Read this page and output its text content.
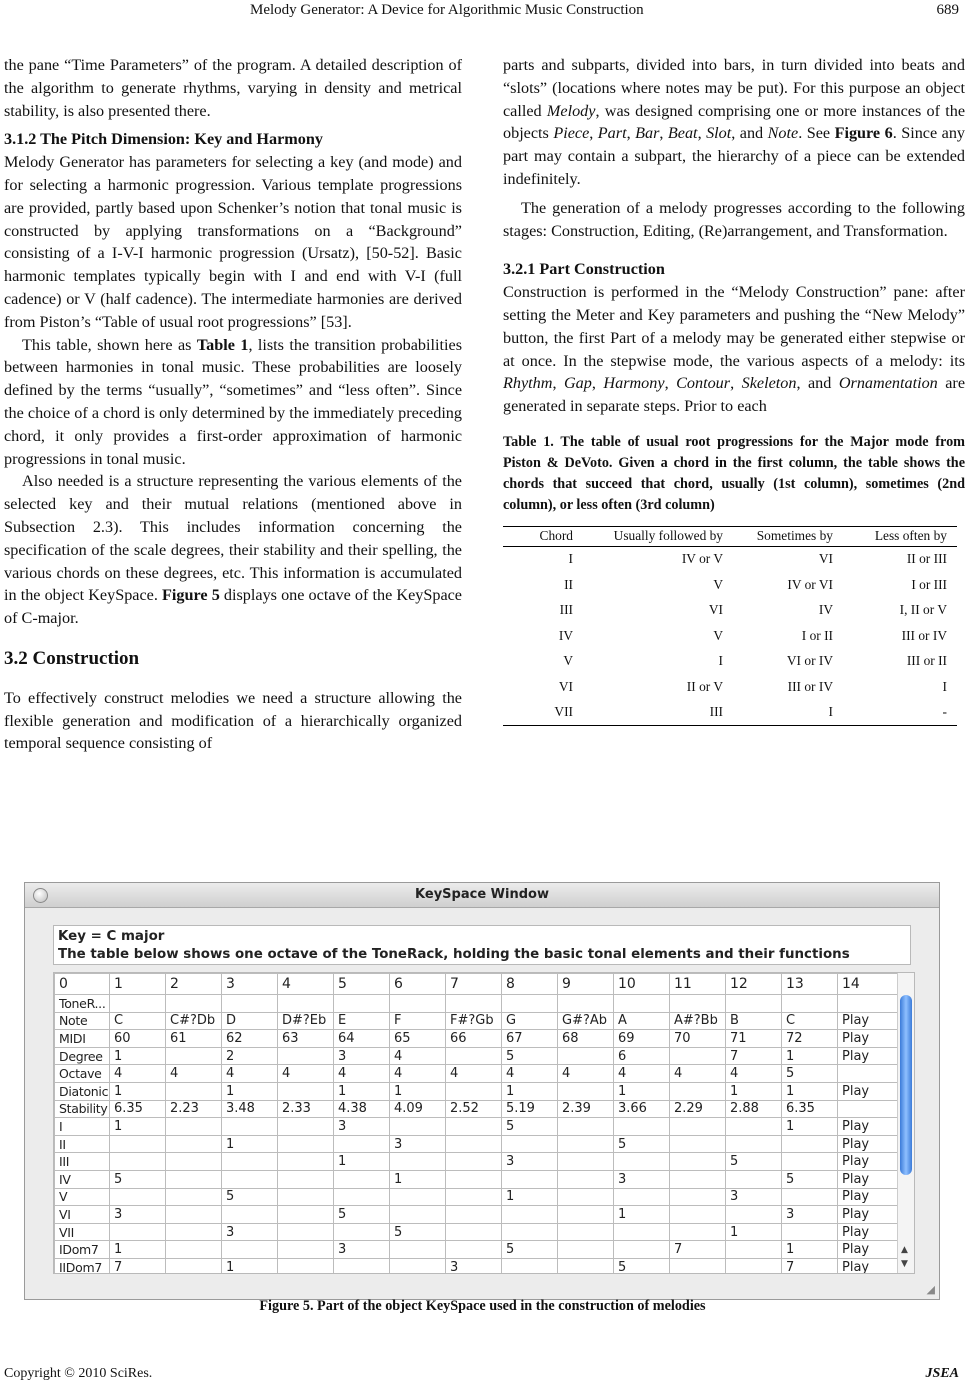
Melody Generator: A Device for Algorithmic Music Construction	689

the pane “Time Parameters” of the program. A detailed description of the algorithm to generate rhythms, varying in density and metrical stability, is also presented there.

3.1.2 The Pitch Dimension: Key and Harmony

Melody Generator has parameters for selecting a key (and mode) and for selecting a harmonic progression. Various template progressions are provided, partly based upon Schenker’s notion that tonal music is constructed by applying transformations on a “Background” consisting of a I-V-I harmonic progression (Ursatz), [50-52]. Basic harmonic templates typically begin with I and end with V-I (full cadence) or V (half cadence). The intermediate harmonies are derived from Piston’s “Table of usual root progressions” [53].

This table, shown here as Table 1, lists the transition probabilities between harmonies in tonal music. These probabilities are loosely defined by the terms “usually”, “sometimes” and “less often”. Since the choice of a chord is only determined by the immediately preceding chord, it only provides a first-order approximation of harmonic progressions in tonal music.

Also needed is a structure representing the various elements of the selected key and their mutual relations (mentioned above in Subsection 2.3). This includes information concerning the specification of the scale degrees, their stability and their spelling, the various chords on these degrees, etc. This information is accumulated in the object KeySpace. Figure 5 displays one octave of the KeySpace of C-major.

3.2 Construction

To effectively construct melodies we need a structure allowing the flexible generation and modification of a hierarchically organized temporal sequence consisting of

parts and subparts, divided into bars, in turn divided into beats and “slots” (locations where notes may be put). For this purpose an object called Melody, was designed comprising one or more instances of the objects Piece, Part, Bar, Beat, Slot, and Note. See Figure 6. Since any part may contain a subpart, the hierarchy of a piece can be extended indefinitely.

The generation of a melody progresses according to the following stages: Construction, Editing, (Re)arrangement, and Transformation.

3.2.1 Part Construction

Construction is performed in the “Melody Construction” pane: after setting the Meter and Key parameters and pushing the “New Melody” button, the first Part of a melody may be generated either stepwise or at once. In the stepwise mode, the various aspects of a melody: its Rhythm, Gap, Harmony, Contour, Skeleton, and Ornamentation are generated in separate steps. Prior to each

Table 1. The table of usual root progressions for the Major mode from Piston & DeVoto. Given a chord in the first column, the table shows the chords that succeed that chord, usually (1st column), sometimes (2nd column), or less often (3rd column)
Chord	Usually followed by	Sometimes by	Less often by
I	IV or V	VI	II or III
II	V	IV or VI	I or III
III	VI	IV	I, II or V
IV	V	I or II	III or IV
V	I	VI or IV	III or II
VI	II or V	III or IV	I
VII	III	I	-
KeySpace Window
Key = C major
The table below shows one octave of the ToneRack, holding the basic tonal elements and their functions
0	1	2	3	4	5	6	7	8	9	10	11	12	13	14
ToneR...														
Note	C	C#?Db	D	D#?Eb	E	F	F#?Gb	G	G#?Ab	A	A#?Bb	B	C	Play
MIDI	60	61	62	63	64	65	66	67	68	69	70	71	72	Play
Degree	1		2		3	4		5		6		7	1	Play
Octave	4	4	4	4	4	4	4	4	4	4	4	4	5	
Diatonic	1		1		1	1		1		1		1	1	Play
Stability	6.35	2.23	3.48	2.33	4.38	4.09	2.52	5.19	2.39	3.66	2.29	2.88	6.35	
I	1				3			5					1	Play
II			1			3				5				Play
III					1			3				5		Play
IV	5					1				3			5	Play
V			5					1				3		Play
VI	3				5					1			3	Play
VII			3			5						1		Play
IDom7	1				3			5			7		1	Play
IIDom7	7		1				3			5			7	Play
▲
▼
◢
Figure 5. Part of the object KeySpace used in the construction of melodies
Copyright © 2010 SciRes.	JSEA
